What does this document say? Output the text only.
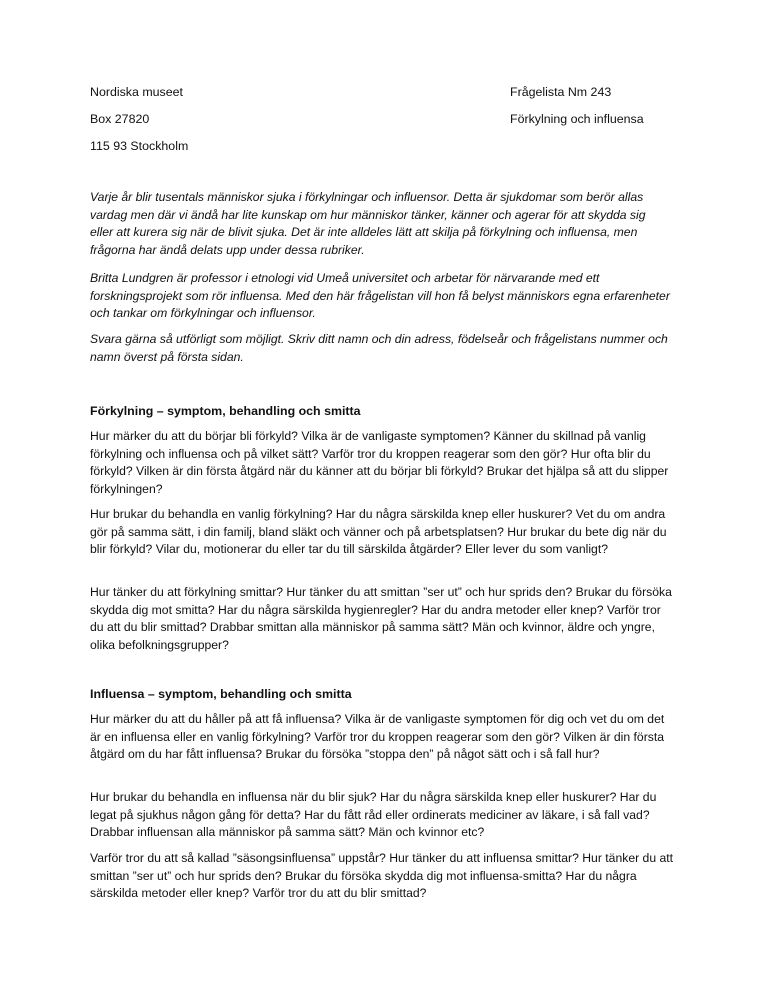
Nordiska museet
Box 27820
115 93 Stockholm
Frågelista Nm 243
Förkylning och influensa

Varje år blir tusentals människor sjuka i förkylningar och influensor. Detta är sjukdomar som berör allas vardag men där vi ändå har lite kunskap om hur människor tänker, känner och agerar för att skydda sig eller att kurera sig när de blivit sjuka. Det är inte alldeles lätt att skilja på förkylning och influensa, men frågorna har ändå delats upp under dessa rubriker.

Britta Lundgren är professor i etnologi vid Umeå universitet och arbetar för närvarande med ett forskningsprojekt som rör influensa. Med den här frågelistan vill hon få belyst människors egna erfarenheter och tankar om förkylningar och influensor.

Svara gärna så utförligt som möjligt. Skriv ditt namn och din adress, födelseår och frågelistans nummer och namn överst på första sidan.

Förkylning – symptom, behandling och smitta

Hur märker du att du börjar bli förkyld? Vilka är de vanligaste symptomen? Känner du skillnad på vanlig förkylning och influensa och på vilket sätt? Varför tror du kroppen reagerar som den gör? Hur ofta blir du förkyld? Vilken är din första åtgärd när du känner att du börjar bli förkyld? Brukar det hjälpa så att du slipper förkylningen?

Hur brukar du behandla en vanlig förkylning? Har du några särskilda knep eller huskurer? Vet du om andra gör på samma sätt, i din familj, bland släkt och vänner och på arbetsplatsen? Hur brukar du bete dig när du blir förkyld? Vilar du, motionerar du eller tar du till särskilda åtgärder? Eller lever du som vanligt?

Hur tänker du att förkylning smittar? Hur tänker du att smittan ”ser ut” och hur sprids den? Brukar du försöka skydda dig mot smitta? Har du några särskilda hygienregler? Har du andra metoder eller knep? Varför tror du att du blir smittad? Drabbar smittan alla människor på samma sätt? Män och kvinnor, äldre och yngre, olika befolkningsgrupper?

Influensa – symptom, behandling och smitta

Hur märker du att du håller på att få influensa? Vilka är de vanligaste symptomen för dig och vet du om det är en influensa eller en vanlig förkylning? Varför tror du kroppen reagerar som den gör? Vilken är din första åtgärd om du har fått influensa? Brukar du försöka ”stoppa den” på något sätt och i så fall hur?

Hur brukar du behandla en influensa när du blir sjuk? Har du några särskilda knep eller huskurer? Har du legat på sjukhus någon gång för detta? Har du fått råd eller ordinerats mediciner av läkare, i så fall vad? Drabbar influensan alla människor på samma sätt? Män och kvinnor etc?

Varför tror du att så kallad ”säsongsinfluensa” uppstår? Hur tänker du att influensa smittar? Hur tänker du att smittan ”ser ut” och hur sprids den? Brukar du försöka skydda dig mot influensa-smitta? Har du några särskilda metoder eller knep? Varför tror du att du blir smittad?
